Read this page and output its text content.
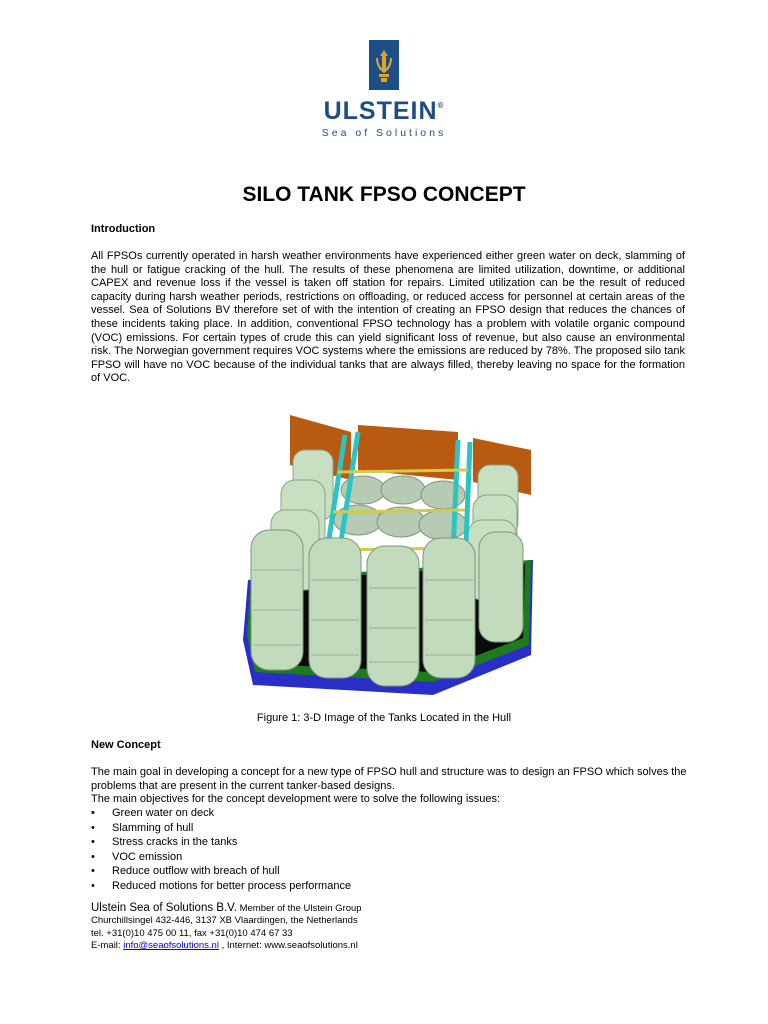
ULSTEIN®
Sea of Solutions
SILO TANK FPSO CONCEPT
Introduction
All FPSOs currently operated in harsh weather environments have experienced either green water on deck, slamming of the hull or fatigue cracking of the hull. The results of these phenomena are limited utilization, downtime, or additional CAPEX and revenue loss if the vessel is taken off station for repairs. Limited utilization can be the result of reduced capacity during harsh weather periods, restrictions on offloading, or reduced access for personnel at certain areas of the vessel. Sea of Solutions BV therefore set of with the intention of creating an FPSO design that reduces the chances of these incidents taking place. In addition, conventional FPSO technology has a problem with volatile organic compound (VOC) emissions. For certain types of crude this can yield significant loss of revenue, but also cause an environmental risk. The Norwegian government requires VOC systems where the emissions are reduced by 78%. The proposed silo tank FPSO will have no VOC because of the individual tanks that are always filled, thereby leaving no space for the formation of VOC.
Figure 1: 3-D Image of the Tanks Located in the Hull
New Concept
The main goal in developing a concept for a new type of FPSO hull and structure was to design an FPSO which solves the problems that are present in the current tanker-based designs.
The main objectives for the concept development were to solve the following issues:
• Green water on deck
• Slamming of hull
• Stress cracks in the tanks
• VOC emission
• Reduce outflow with breach of hull
• Reduced motions for better process performance
Ulstein Sea of Solutions B.V. Member of the Ulstein Group
Churchillsingel 432-446, 3137 XB Vlaardingen, the Netherlands
tel. +31(0)10 475 00 11, fax +31(0)10 474 67 33
E-mail: info@seaofsolutions.nl , Internet: www.seaofsolutions.nl
